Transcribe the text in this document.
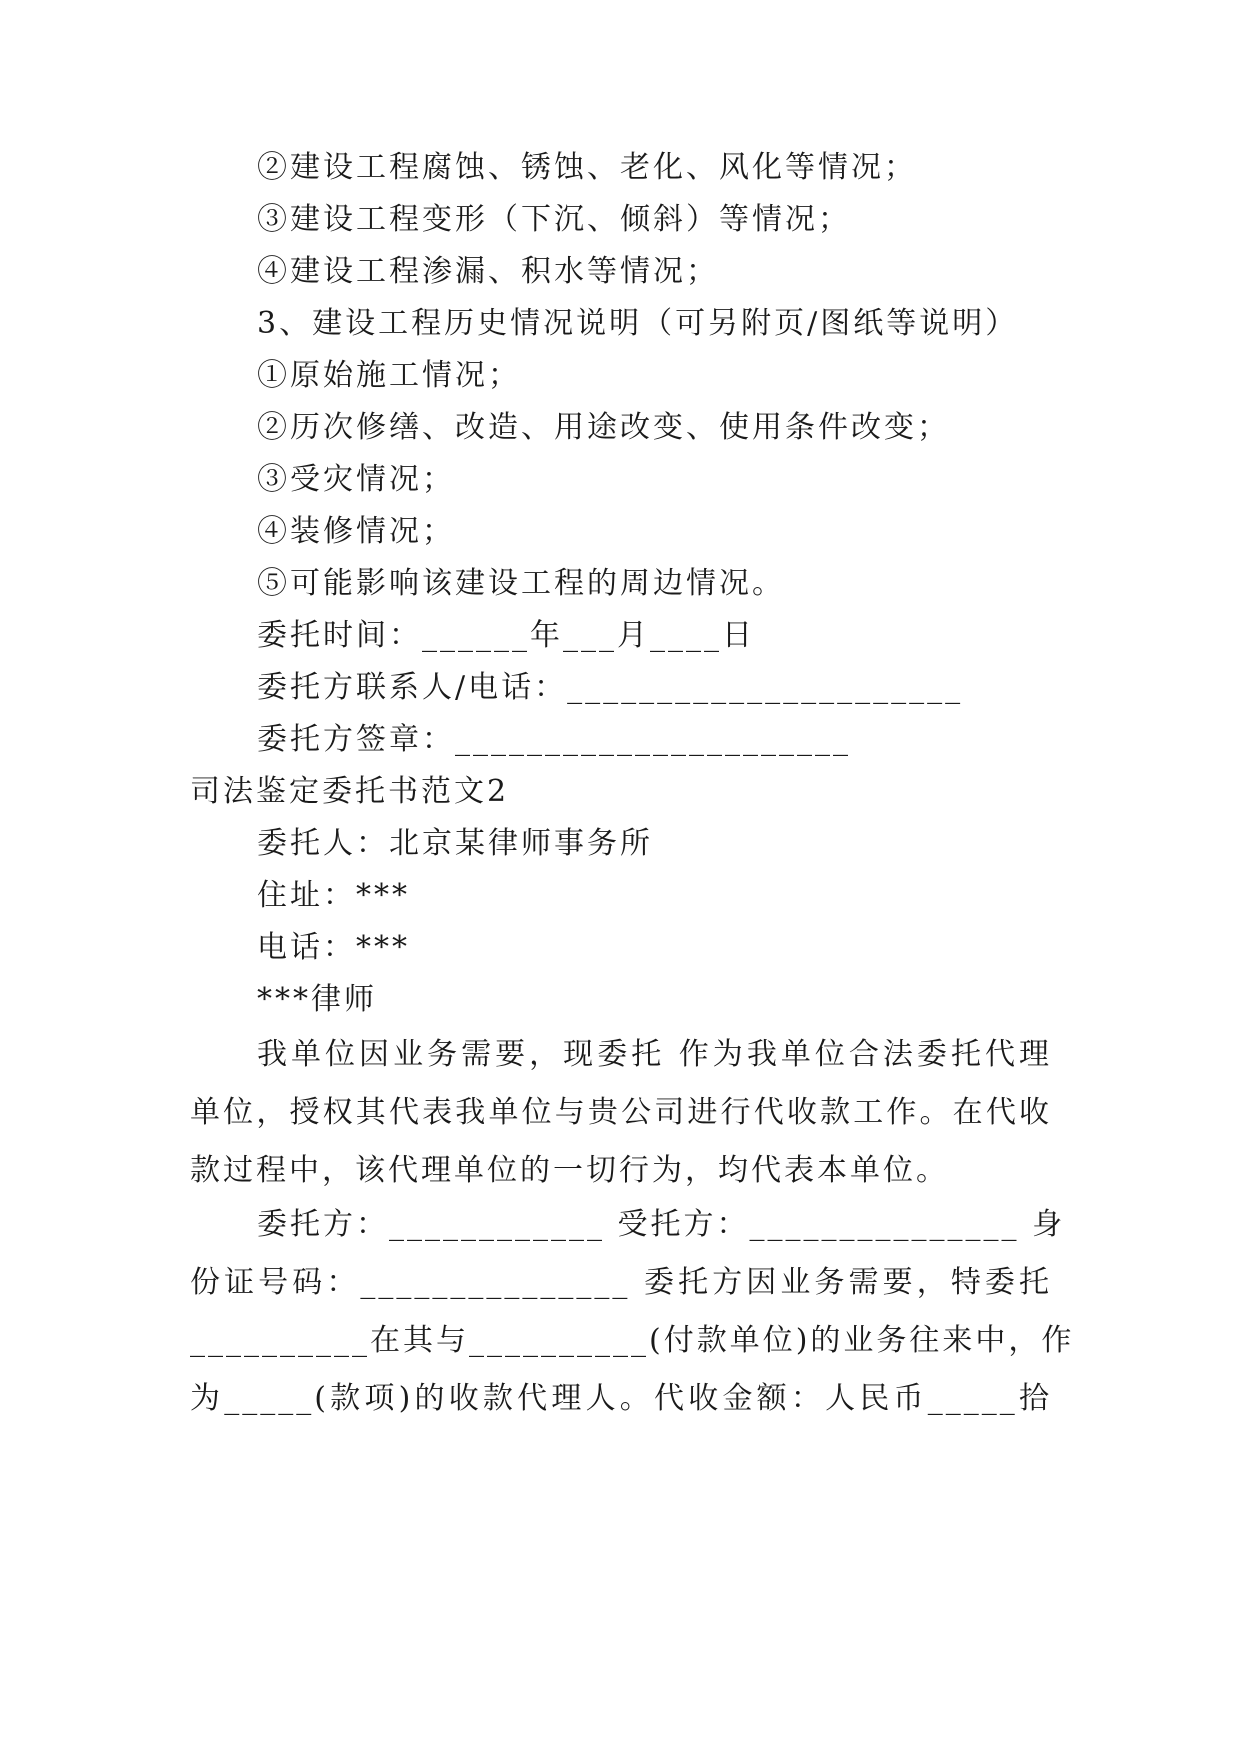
②建设工程腐蚀、锈蚀、老化、风化等情况；
③建设工程变形（下沉、倾斜）等情况；
④建设工程渗漏、积水等情况；
3、建设工程历史情况说明（可另附页/图纸等说明）
①原始施工情况；
②历次修缮、改造、用途改变、使用条件改变；
③受灾情况；
④装修情况；
⑤可能影响该建设工程的周边情况。
委托时间：______年___月____日
委托方联系人/电话：______________________
委托方签章：______________________
司法鉴定委托书范文2
委托人：北京某律师事务所
住址：***
电话：***
***律师
我单位因业务需要，现委托 作为我单位合法委托代理
单位，授权其代表我单位与贵公司进行代收款工作。在代收
款过程中，该代理单位的一切行为，均代表本单位。
委托方：____________ 受托方：_______________ 身
份证号码：_______________ 委托方因业务需要，特委托
__________在其与__________(付款单位)的业务往来中，作
为_____(款项)的收款代理人。代收金额：人民币_____拾
